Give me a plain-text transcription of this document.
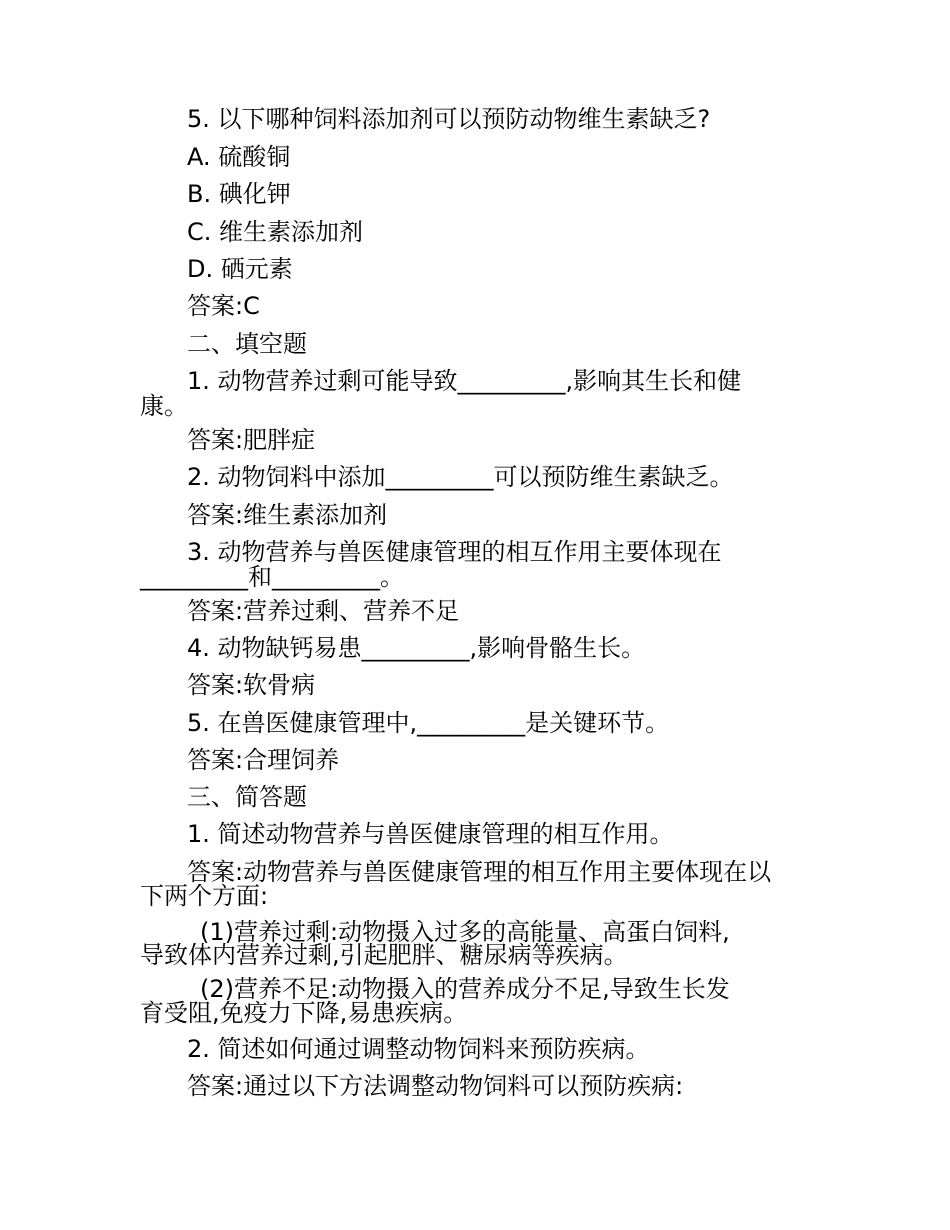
5. 以下哪种饲料添加剂可以预防动物维生素缺乏?
A. 硫酸铜
B. 碘化钾
C. 维生素添加剂
D. 硒元素
答案:C
二、填空题
1. 动物营养过剩可能导致_________,影响其生长和健
康。
答案:肥胖症
2. 动物饲料中添加_________可以预防维生素缺乏。
答案:维生素添加剂
3. 动物营养与兽医健康管理的相互作用主要体现在
_________和_________。
答案:营养过剩、营养不足
4. 动物缺钙易患_________,影响骨骼生长。
答案:软骨病
5. 在兽医健康管理中,_________是关键环节。
答案:合理饲养
三、简答题
1. 简述动物营养与兽医健康管理的相互作用。
答案:动物营养与兽医健康管理的相互作用主要体现在以
下两个方面:
(1)营养过剩:动物摄入过多的高能量、高蛋白饲料,
导致体内营养过剩,引起肥胖、糖尿病等疾病。
(2)营养不足:动物摄入的营养成分不足,导致生长发
育受阻,免疫力下降,易患疾病。
2. 简述如何通过调整动物饲料来预防疾病。
答案:通过以下方法调整动物饲料可以预防疾病:
